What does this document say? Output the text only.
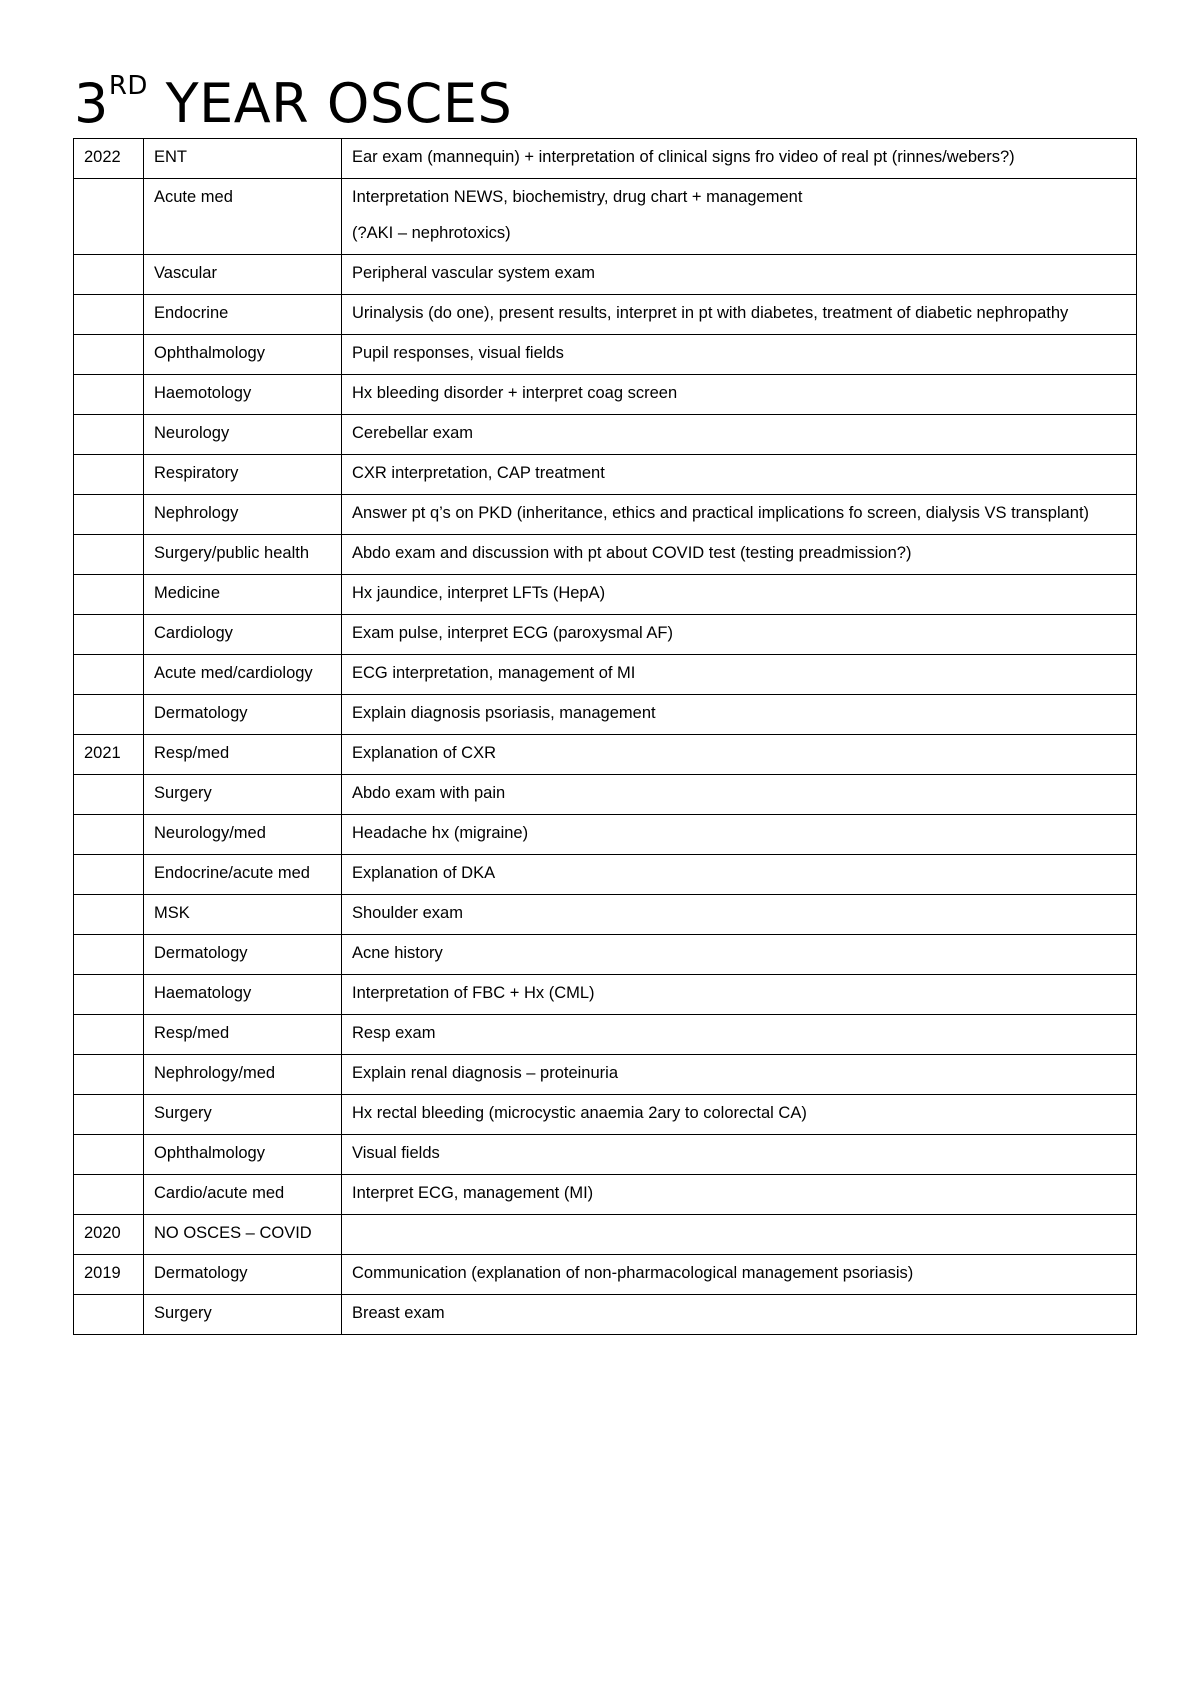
3RD YEAR OSCES
2022	ENT	Ear exam (mannequin) + interpretation of clinical signs fro video of real pt (rinnes/webers?)

	Acute med	Interpretation NEWS, biochemistry, drug chart + management

(?AKI – nephrotoxics)

	Vascular	Peripheral vascular system exam

	Endocrine	Urinalysis (do one), present results, interpret in pt with diabetes, treatment of diabetic nephropathy

	Ophthalmology	Pupil responses, visual fields

	Haemotology	Hx bleeding disorder + interpret coag screen

	Neurology	Cerebellar exam

	Respiratory	CXR interpretation, CAP treatment

	Nephrology	Answer pt q’s on PKD (inheritance, ethics and practical implications fo screen, dialysis VS transplant)

	Surgery/public health	Abdo exam and discussion with pt about COVID test (testing preadmission?)

	Medicine	Hx jaundice, interpret LFTs (HepA)

	Cardiology	Exam pulse, interpret ECG (paroxysmal AF)

	Acute med/cardiology	ECG interpretation, management of MI

	Dermatology	Explain diagnosis psoriasis, management

2021	Resp/med	Explanation of CXR

	Surgery	Abdo exam with pain

	Neurology/med	Headache hx (migraine)

	Endocrine/acute med	Explanation of DKA

	MSK	Shoulder exam

	Dermatology	Acne history

	Haematology	Interpretation of FBC + Hx (CML)

	Resp/med	Resp exam

	Nephrology/med	Explain renal diagnosis – proteinuria

	Surgery	Hx rectal bleeding (microcystic anaemia 2ary to colorectal CA)

	Ophthalmology	Visual fields

	Cardio/acute med	Interpret ECG, management (MI)

2020	NO OSCES – COVID	
2019	Dermatology	Communication (explanation of non-pharmacological management psoriasis)

	Surgery	Breast exam
